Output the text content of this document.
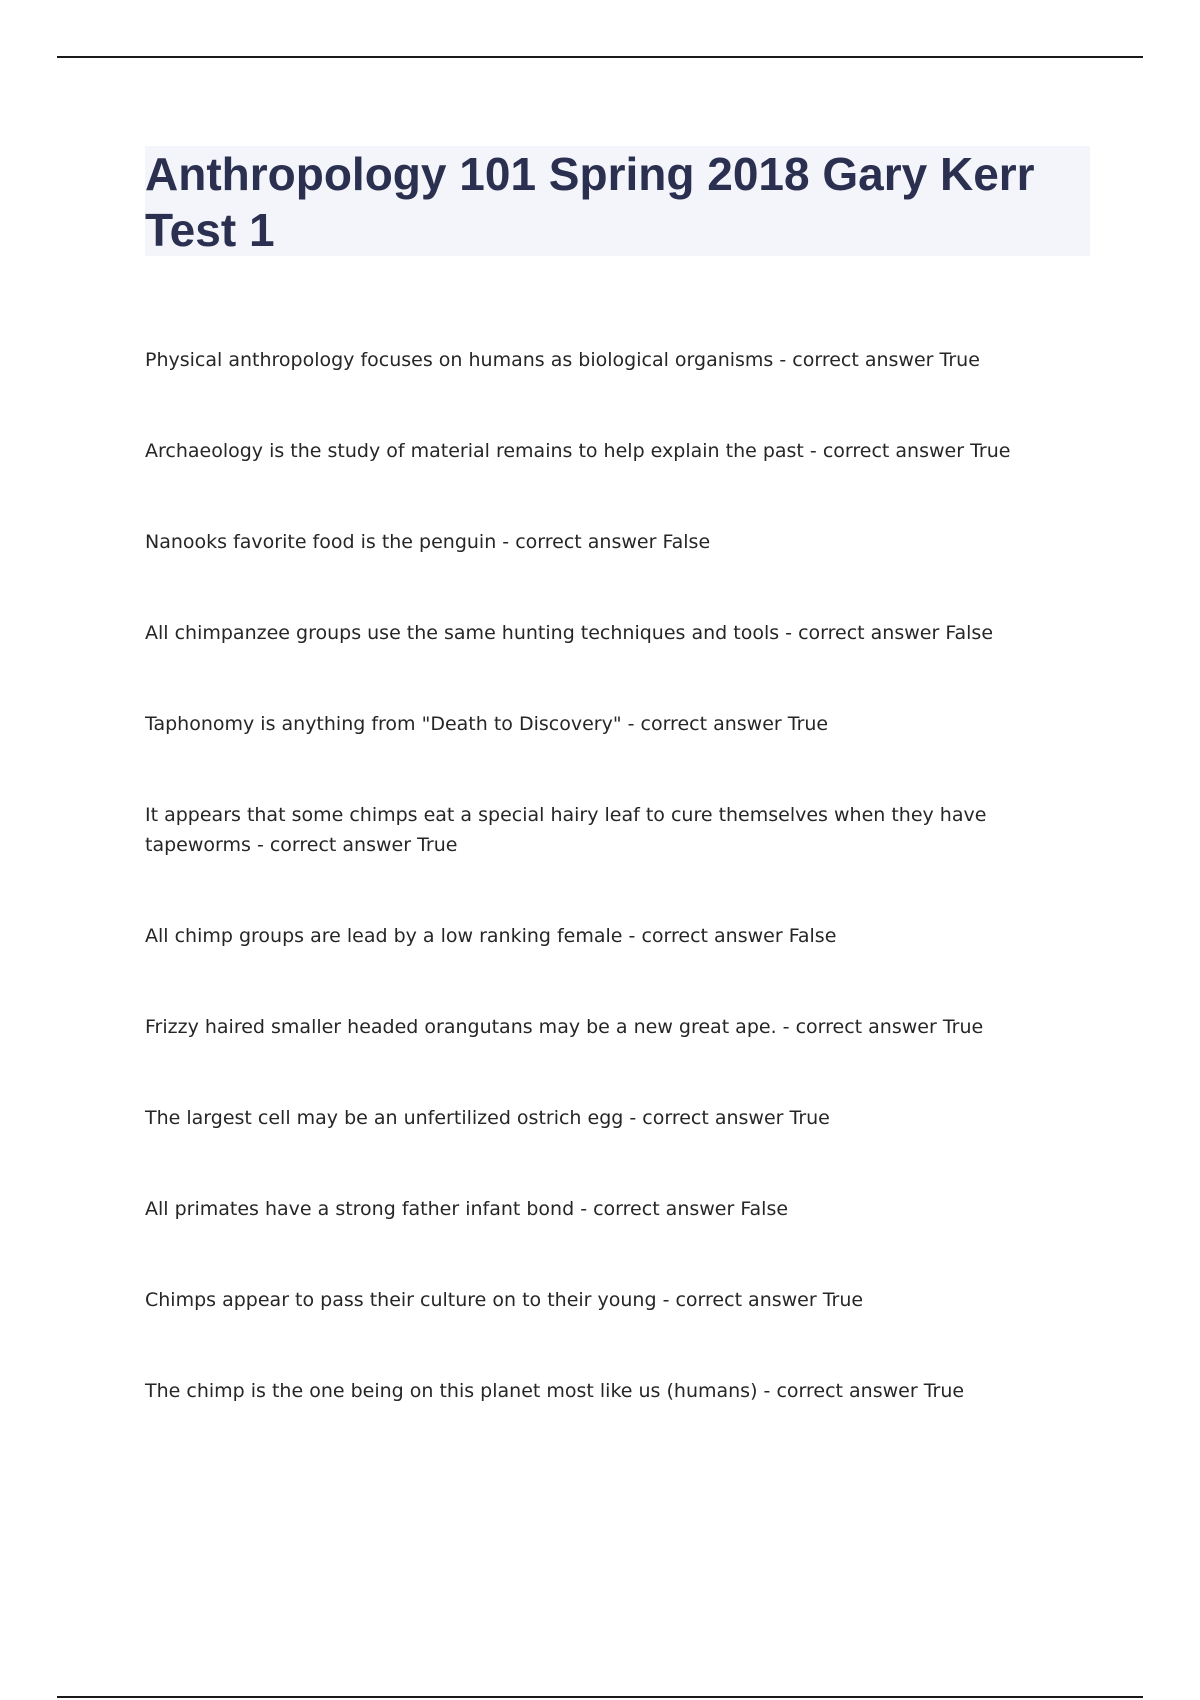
Anthropology 101 Spring 2018 Gary Kerr Test 1
Physical anthropology focuses on humans as biological organisms - correct answer True
Archaeology is the study of material remains to help explain the past - correct answer True
Nanooks favorite food is the penguin - correct answer False
All chimpanzee groups use the same hunting techniques and tools - correct answer False
Taphonomy is anything from "Death to Discovery" - correct answer True
It appears that some chimps eat a special hairy leaf to cure themselves when they have tapeworms - correct answer True
All chimp groups are lead by a low ranking female - correct answer False
Frizzy haired smaller headed orangutans may be a new great ape. - correct answer True
The largest cell may be an unfertilized ostrich egg - correct answer True
All primates have a strong father infant bond - correct answer False
Chimps appear to pass their culture on to their young - correct answer True
The chimp is the one being on this planet most like us (humans) - correct answer True
